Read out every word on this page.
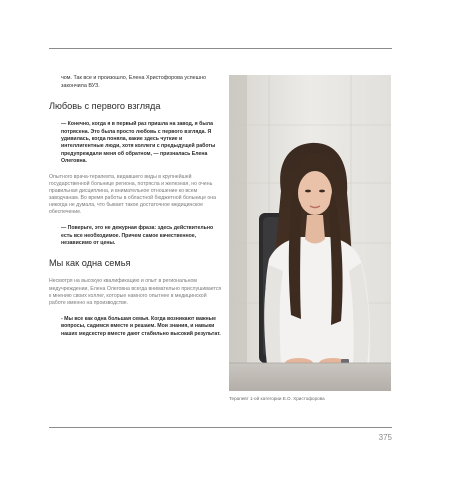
чом. Так все и произошло, Елена Христофорова успешно закончила ВУЗ.

Любовь с первого взгляда

— Конечно, когда я в первый раз пришла на завод, я была потрясена. Это была просто любовь с первого взгляда. Я удивилась, когда поняла, какие здесь чуткие и интеллигентные люди, хотя коллеги с предыдущей работы предупреждали меня об обратном, — призналась Елена Олеговна.

Опытного врача-терапевта, видавшего виды в крупнейшей государственной больнице региона, потрясла и железная, но очень правильная дисциплина, и внимательное отношение ко всем заводчанам. Во время работы в областной бюджетной больнице она никогда не думала, что бывает такое достаточное медицинское обеспечение.

— Поверьте, это не дежурная фраза: здесь действительно есть все необходимое. Причем самое качественное, независимо от цены.

Мы как одна семья

Несмотря на высокую квалификацию и опыт в региональном медучреждении, Елена Олеговна всегда внимательно прислушивается к мнению своих коллег, которые намного опытнее в медицинской работе именно на производстве.

- Мы все как одна большая семья. Когда возникают важные вопросы, садимся вместе и решаем. Мои знания, и навыки наших медсестер вместе дают стабильно высокий результат.

Терапевт 1-ой категории Е.О. Христофорова
375
